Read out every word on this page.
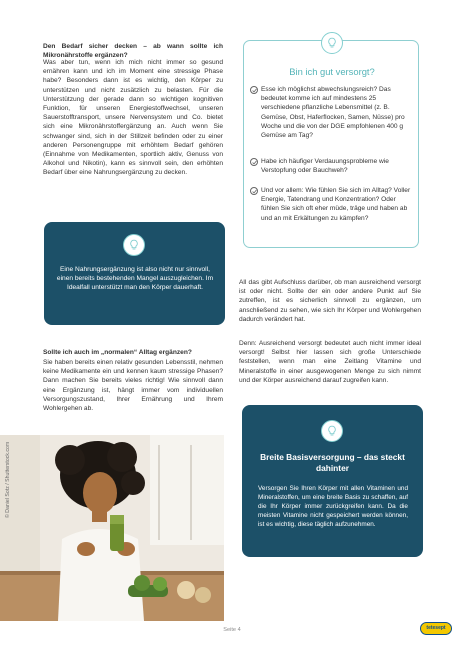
Den Bedarf sicher decken – ab wann sollte ich Mikronährstoffe ergänzen?
Was aber tun, wenn ich mich nicht immer so gesund ernähren kann und ich im Moment eine stressige Phase habe? Besonders dann ist es wichtig, den Körper zu unterstützen und nicht zusätzlich zu belasten. Für die Unterstützung der gerade dann so wichtigen kognitiven Funktion, für unseren Energiestoffwechsel, unseren Sauerstofftransport, unsere Nervensystem und Co. bietet sich eine Mikronährstoffergänzung an. Auch wenn Sie schwanger sind, sich in der Stillzeit befinden oder zu einer anderen Personengruppe mit erhöhtem Bedarf gehören (Einnahme von Medikamenten, sportlich aktiv, Genuss von Alkohol und Nikotin), kann es sinnvoll sein, den erhöhten Bedarf über eine Nahrungsergänzung zu decken.
Eine Nahrungsergänzung ist also nicht nur sinnvoll, einen bereits bestehenden Mangel auszugleichen. Im Idealfall unterstützt man den Körper dauerhaft.
Sollte ich auch im „normalen“ Alltag ergänzen?
Sie haben bereits einen relativ gesunden Lebensstil, nehmen keine Medikamente ein und kennen kaum stressige Phasen? Dann machen Sie bereits vieles richtig! Wie sinnvoll dann eine Ergänzung ist, hängt immer vom individuellen Versorgungszustand, Ihrer Ernährung und Ihrem Wohlergehen ab.
© Daniel Sotz / Shutterstock.com
Bin ich gut versorgt?
Esse ich möglichst abwechslungsreich? Das bedeutet komme ich auf mindestens 25 verschiedene pflanzliche Lebensmittel (z. B. Gemüse, Obst, Haferflocken, Samen, Nüsse) pro Woche und die von der DGE empfohlenen 400 g Gemüse am Tag?
Habe ich häufiger Verdauungsprobleme wie Verstopfung oder Bauchweh?
Und vor allem: Wie fühlen Sie sich im Alltag? Voller Energie, Tatendrang und Konzentration? Oder fühlen Sie sich oft eher müde, träge und haben ab und an mit Erkältungen zu kämpfen?
All das gibt Aufschluss darüber, ob man ausreichend versorgt ist oder nicht. Sollte der ein oder andere Punkt auf Sie zutreffen, ist es sicherlich sinnvoll zu ergänzen, um anschließend zu sehen, wie sich Ihr Körper und Wohlergehen dadurch verändert hat.
Denn: Ausreichend versorgt bedeutet auch nicht immer ideal versorgt! Selbst hier lassen sich große Unterschiede feststellen, wenn man eine Zeitlang Vitamine und Mineralstoffe in einer ausgewogenen Menge zu sich nimmt und der Körper ausreichend darauf zugreifen kann.
Breite Basisversorgung – das steckt dahinter
Versorgen Sie Ihren Körper mit allen Vitaminen und Mineralstoffen, um eine breite Basis zu schaffen, auf die Ihr Körper immer zurückgreifen kann. Da die meisten Vitamine nicht gespeichert werden können, ist es wichtig, diese täglich aufzunehmen.
Seite 4	tetesept
